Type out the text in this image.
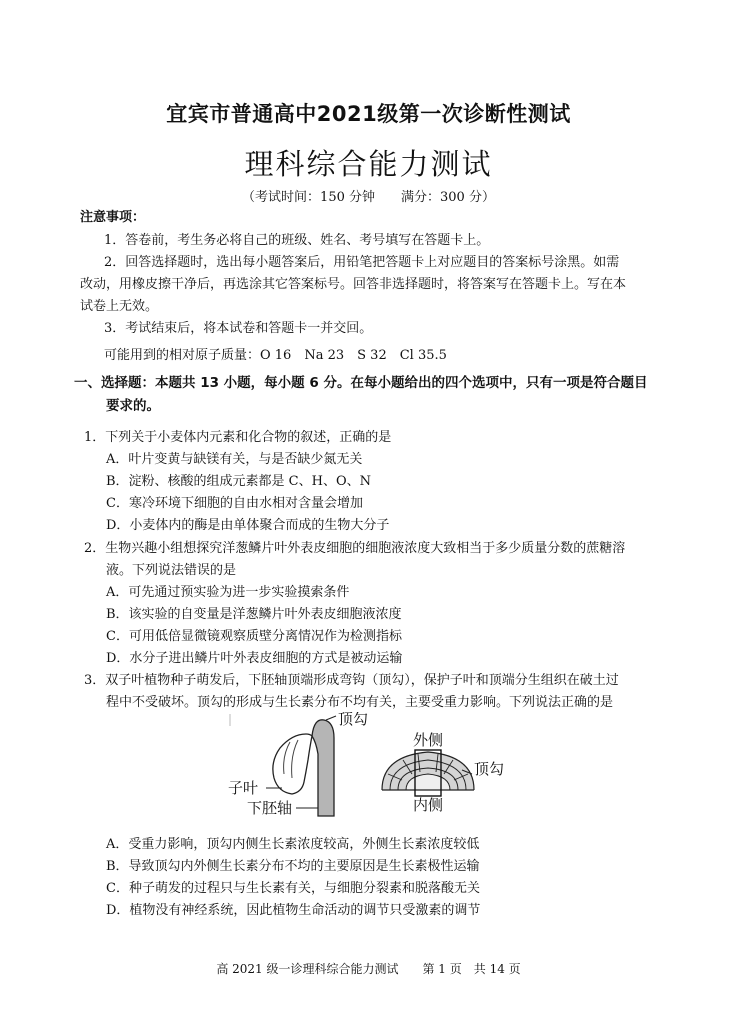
宜宾市普通高中2021级第一次诊断性测试
理科综合能力测试
（考试时间：150 分钟　　满分：300 分）
注意事项：
1．答卷前，考生务必将自己的班级、姓名、考号填写在答题卡上。
2．回答选择题时，选出每小题答案后，用铅笔把答题卡上对应题目的答案标号涂黑。如需
改动，用橡皮擦干净后，再选涂其它答案标号。回答非选择题时，将答案写在答题卡上。写在本
试卷上无效。
3．考试结束后，将本试卷和答题卡一并交回。
可能用到的相对原子质量：O 16　Na 23　S 32　Cl 35.5
一、选择题：本题共 13 小题，每小题 6 分。在每小题给出的四个选项中，只有一项是符合题目
要求的。
1．下列关于小麦体内元素和化合物的叙述，正确的是
A．叶片变黄与缺镁有关，与是否缺少氮无关
B．淀粉、核酸的组成元素都是 C、H、O、N
C．寒冷环境下细胞的自由水相对含量会增加
D．小麦体内的酶是由单体聚合而成的生物大分子
2．生物兴趣小组想探究洋葱鳞片叶外表皮细胞的细胞液浓度大致相当于多少质量分数的蔗糖溶
液。下列说法错误的是
A．可先通过预实验为进一步实验摸索条件
B．该实验的自变量是洋葱鳞片叶外表皮细胞液浓度
C．可用低倍显微镜观察质壁分离情况作为检测指标
D．水分子进出鳞片叶外表皮细胞的方式是被动运输
3．双子叶植物种子萌发后，下胚轴顶端形成弯钩（顶勾），保护子叶和顶端分生组织在破土过
程中不受破坏。顶勾的形成与生长素分布不均有关，主要受重力影响。下列说法正确的是
顶勾
子叶
下胚轴
外侧
顶勾
内侧
A．受重力影响，顶勾内侧生长素浓度较高，外侧生长素浓度较低
B．导致顶勾内外侧生长素分布不均的主要原因是生长素极性运输
C．种子萌发的过程只与生长素有关，与细胞分裂素和脱落酸无关
D．植物没有神经系统，因此植物生命活动的调节只受激素的调节
高 2021 级一诊理科综合能力测试　　第 1 页　共 14 页
